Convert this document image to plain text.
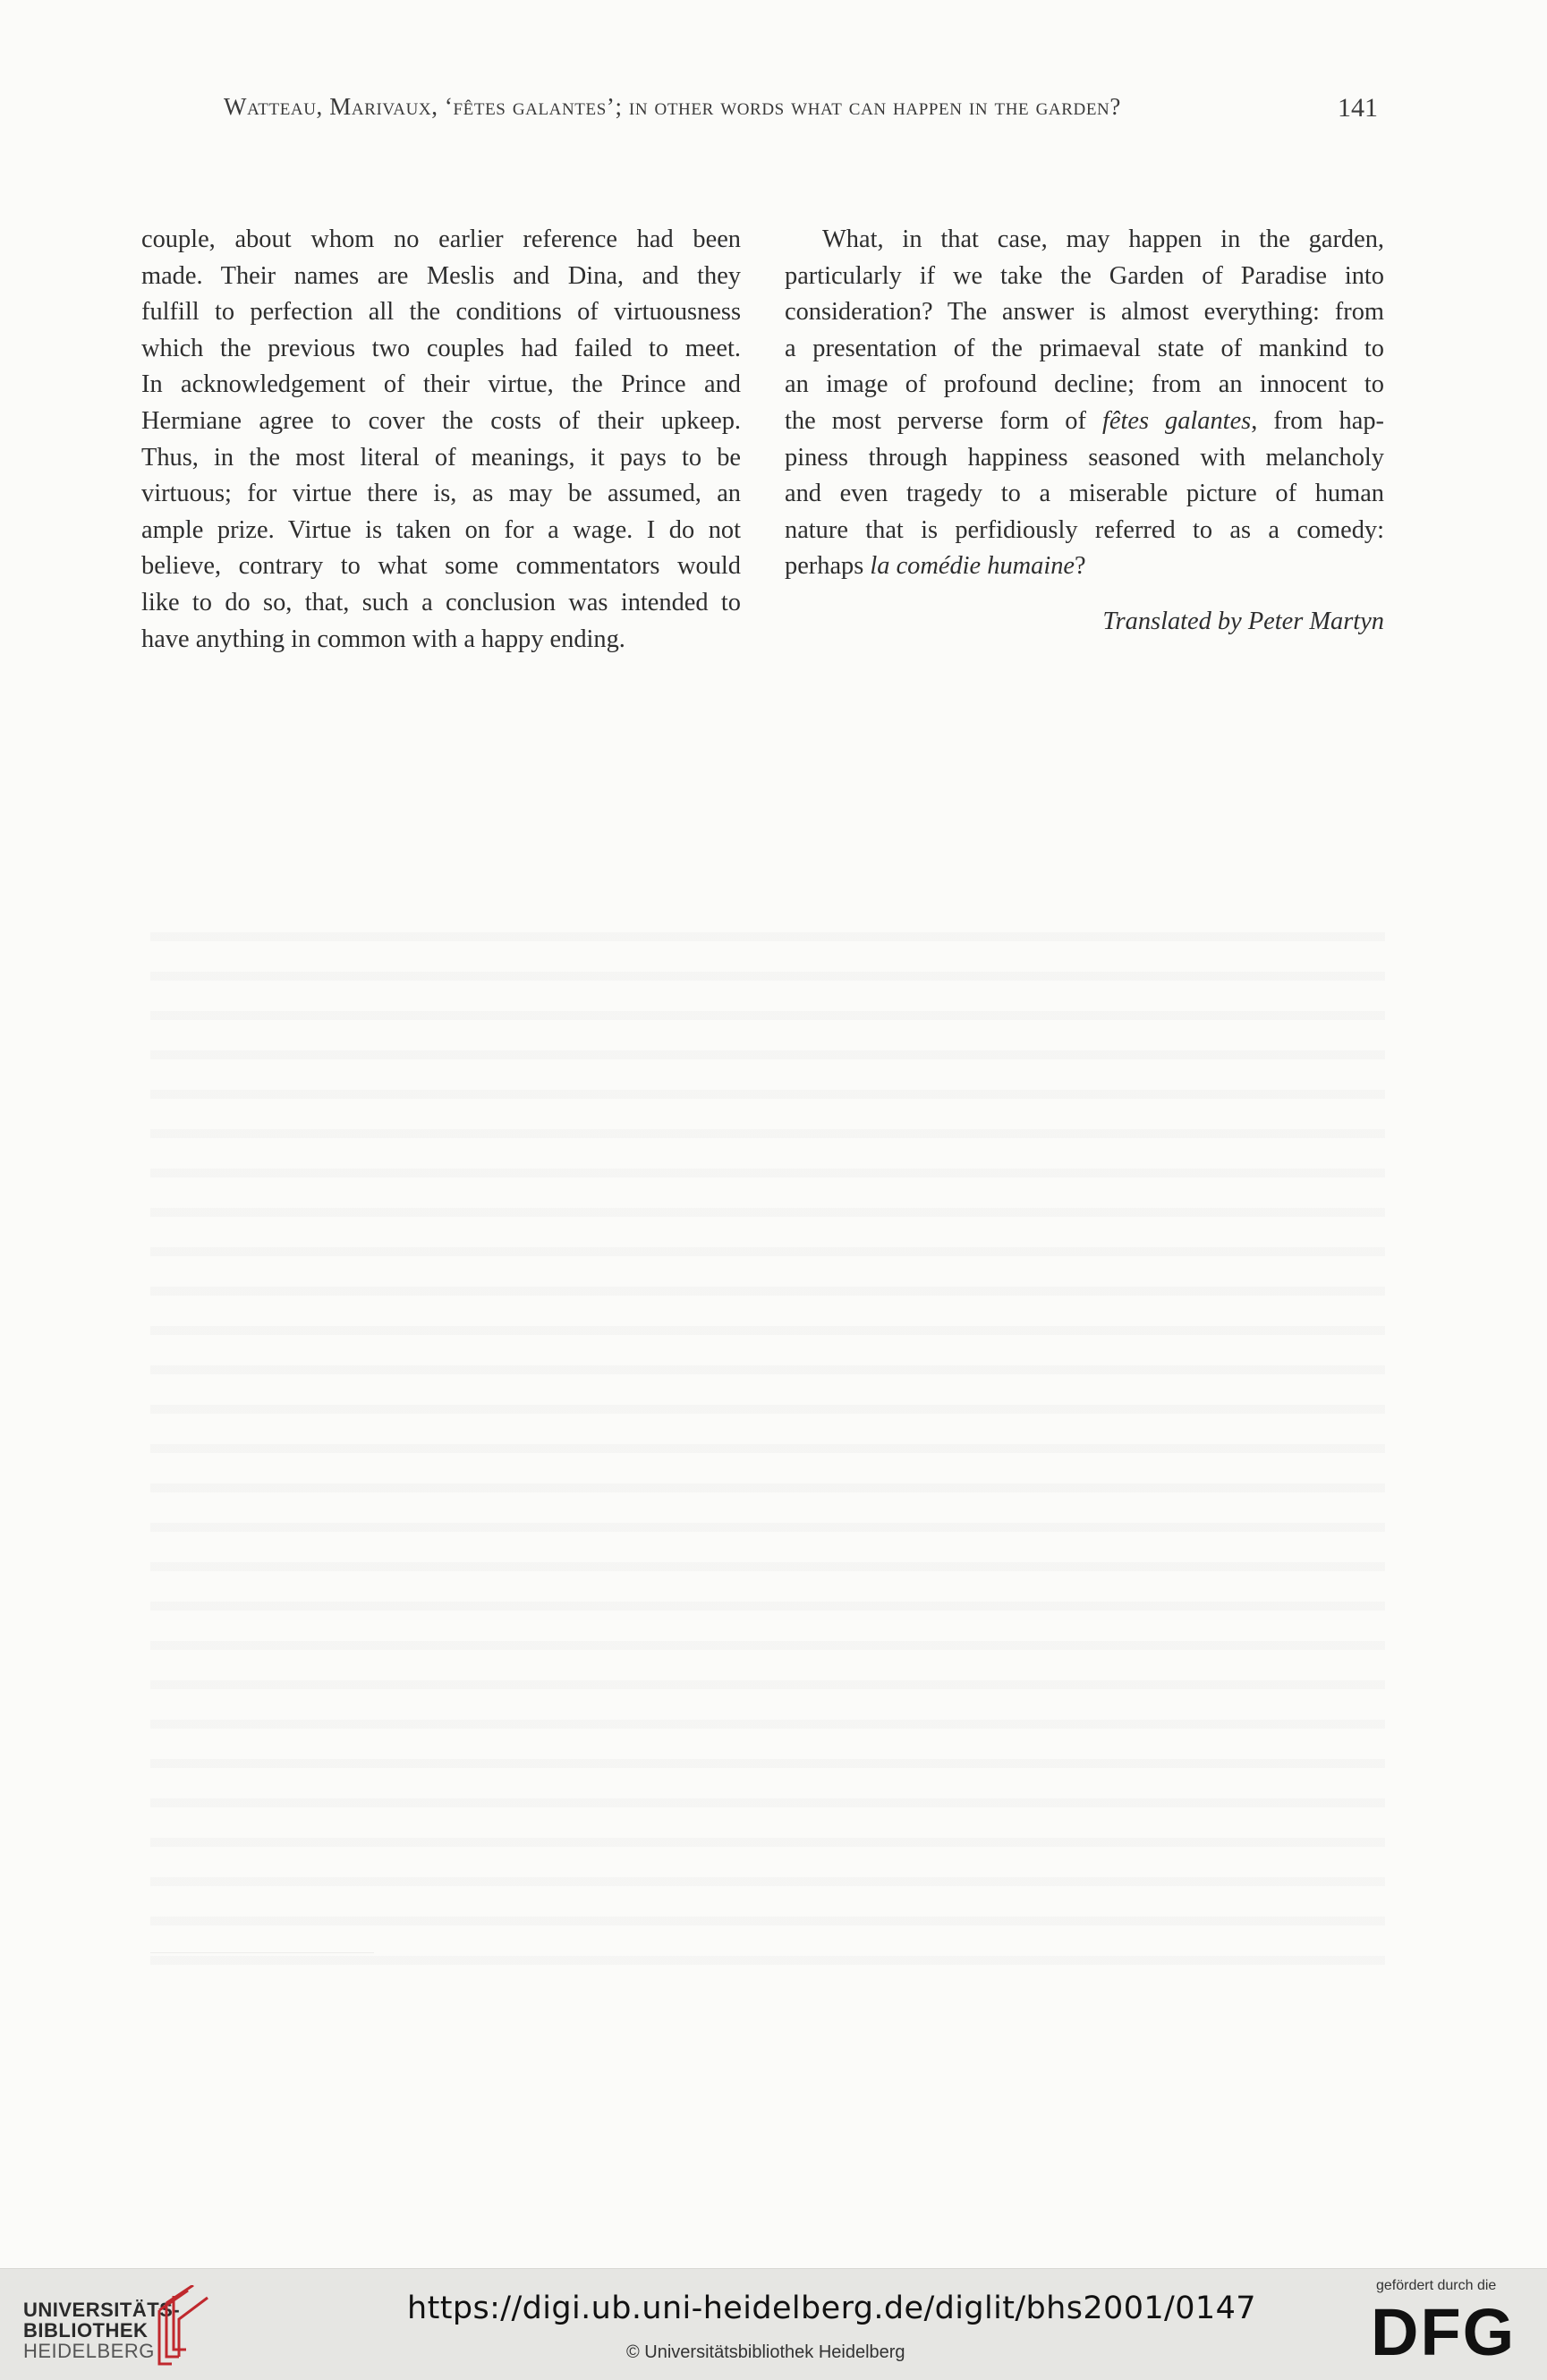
Watteau, Marivaux, ‘fêtes galantes’; in other words what can happen in the garden?	141
couple, about whom no earlier reference had been
made. Their names are Meslis and Dina, and they
fulfill to perfection all the conditions of virtuousness
which the previous two couples had failed to meet.
In acknowledgement of their virtue, the Prince and
Hermiane agree to cover the costs of their upkeep.
Thus, in the most literal of meanings, it pays to be
virtuous; for virtue there is, as may be assumed, an
ample prize. Virtue is taken on for a wage. I do not
believe, contrary to what some commentators would
like to do so, that, such a conclusion was intended to
have anything in common with a happy ending.
What, in that case, may happen in the garden,
particularly if we take the Garden of Paradise into
consideration? The answer is almost everything: from
a presentation of the primaeval state of mankind to
an image of profound decline; from an innocent to
the most perverse form of fêtes galantes, from hap-
piness through happiness seasoned with melancholy
and even tragedy to a miserable picture of human
nature that is perfidiously referred to as a comedy:
perhaps la comédie humaine?
Translated by Peter Martyn
UNIVERSITÄTS-
BIBLIOTHEK
HEIDELBERG
https://digi.ub.uni-heidelberg.de/diglit/bhs2001/0147
© Universitätsbibliothek Heidelberg
gefördert durch die
DFG
